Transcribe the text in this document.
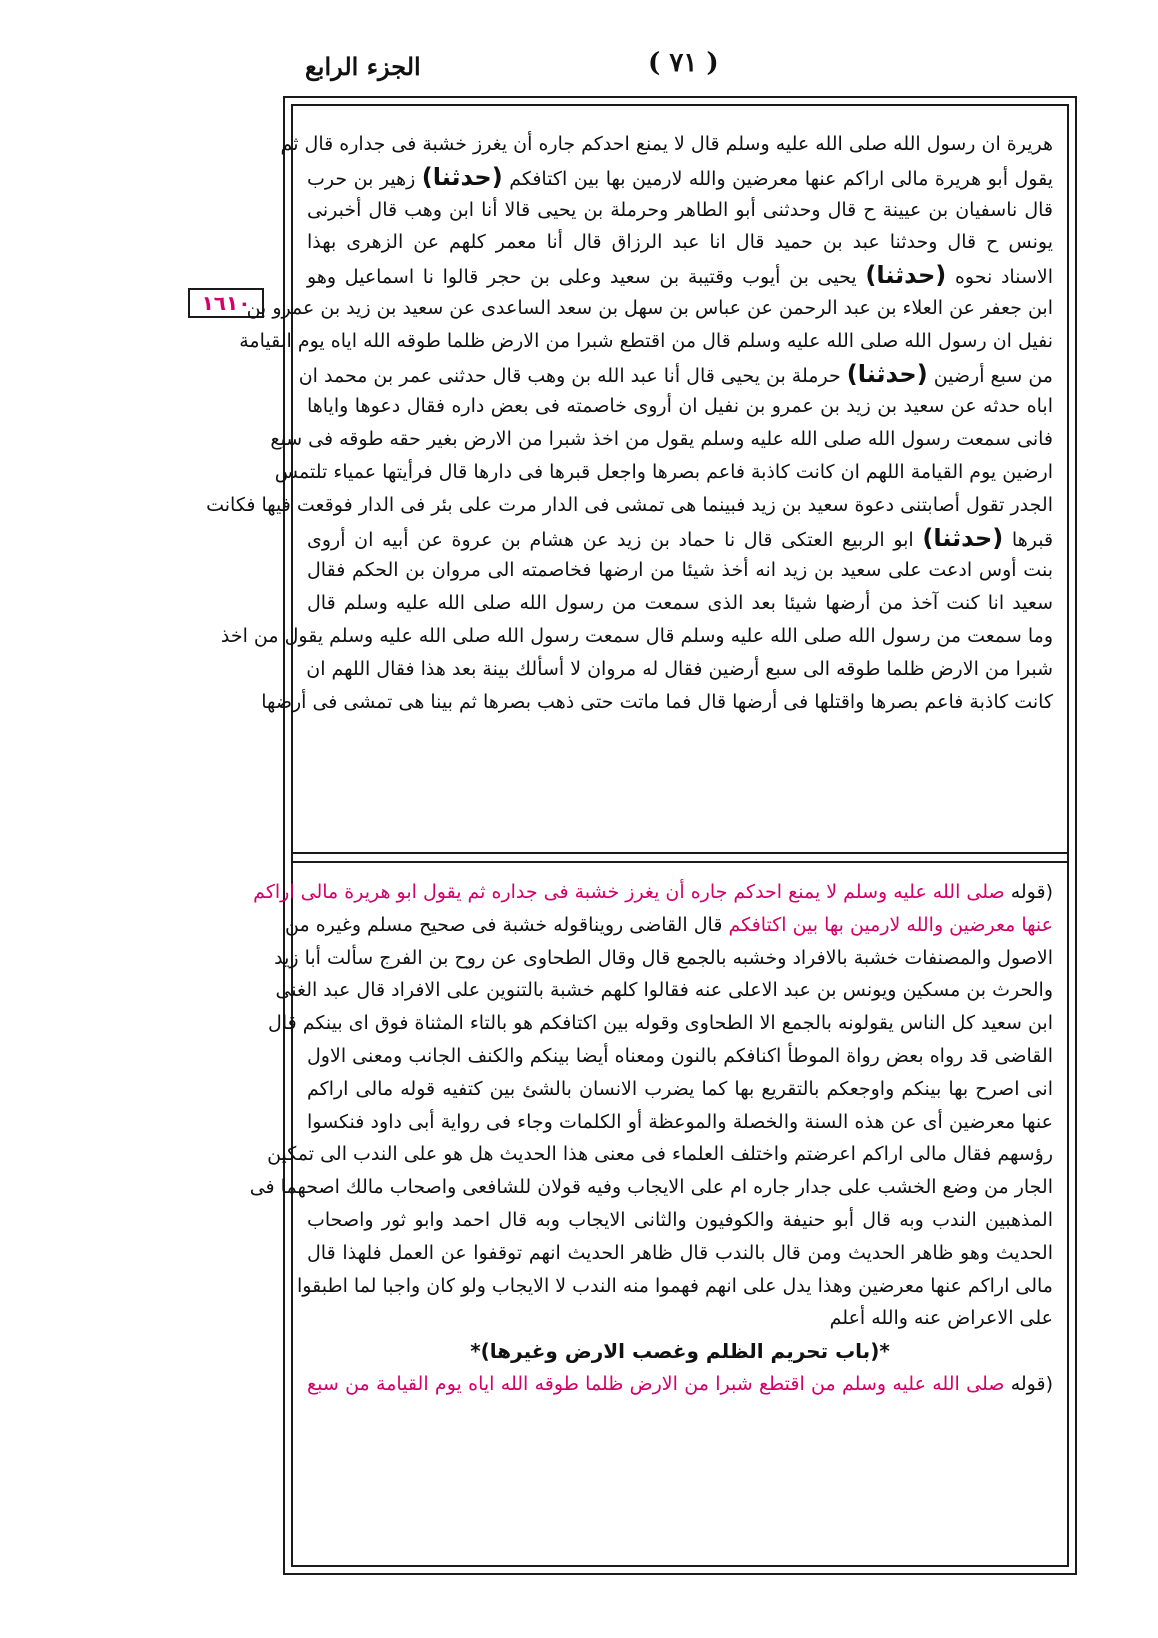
الجزء الرابع	( ٧١ )
١٦١٠
هريرة ان رسول الله صلى الله عليه وسلم قال لا يمنع احدكم جاره أن يغرز خشبة فى جداره قال ثم
يقول أبو هريرة مالى اراكم عنها معرضين والله لارمين بها بين اكتافكم (حدثنا) زهير بن حرب
قال ناسفيان بن عيينة ح قال وحدثنى أبو الطاهر وحرملة بن يحيى قالا أنا ابن وهب قال أخبرنى
يونس ح قال وحدثنا عبد بن حميد قال انا عبد الرزاق قال أنا معمر كلهم عن الزهرى بهذا
الاسناد نحوه (حدثنا) يحيى بن أيوب وقتيبة بن سعيد وعلى بن حجر قالوا نا اسماعيل وهو
ابن جعفر عن العلاء بن عبد الرحمن عن عباس بن سهل بن سعد الساعدى عن سعيد بن زيد بن عمرو بن
نفيل ان رسول الله صلى الله عليه وسلم قال من اقتطع شبرا من الارض ظلما طوقه الله اياه يوم القيامة
من سبع أرضين (حدثنا) حرملة بن يحيى قال أنا عبد الله بن وهب قال حدثنى عمر بن محمد ان
اباه حدثه عن سعيد بن زيد بن عمرو بن نفيل ان أروى خاصمته فى بعض داره فقال دعوها واياها
فانى سمعت رسول الله صلى الله عليه وسلم يقول من اخذ شبرا من الارض بغير حقه طوقه فى سبع
ارضين يوم القيامة اللهم ان كانت كاذبة فاعم بصرها واجعل قبرها فى دارها قال فرأيتها عمياء تلتمس
الجدر تقول أصابتنى دعوة سعيد بن زيد فبينما هى تمشى فى الدار مرت على بئر فى الدار فوقعت فيها فكانت
قبرها (حدثنا) ابو الربيع العتكى قال نا حماد بن زيد عن هشام بن عروة عن أبيه ان أروى
بنت أوس ادعت على سعيد بن زيد انه أخذ شيئا من ارضها فخاصمته الى مروان بن الحكم فقال
سعيد انا كنت آخذ من أرضها شيئا بعد الذى سمعت من رسول الله صلى الله عليه وسلم قال
وما سمعت من رسول الله صلى الله عليه وسلم قال سمعت رسول الله صلى الله عليه وسلم يقول من اخذ
شبرا من الارض ظلما طوقه الى سبع أرضين فقال له مروان لا أسألك بينة بعد هذا فقال اللهم ان
كانت كاذبة فاعم بصرها واقتلها فى أرضها قال فما ماتت حتى ذهب بصرها ثم بينا هى تمشى فى أرضها
(قوله صلى الله عليه وسلم لا يمنع احدكم جاره أن يغرز خشبة فى جداره ثم يقول ابو هريرة مالى اراكم
عنها معرضين والله لارمين بها بين اكتافكم قال القاضى رويناقوله خشبة فى صحيح مسلم وغيره من
الاصول والمصنفات خشبة بالافراد وخشبه بالجمع قال وقال الطحاوى عن روح بن الفرج سألت أبا زيد
والحرث بن مسكين ويونس بن عبد الاعلى عنه فقالوا كلهم خشبة بالتنوين على الافراد قال عبد الغنى
ابن سعيد كل الناس يقولونه بالجمع الا الطحاوى وقوله بين اكتافكم هو بالتاء المثناة فوق اى بينكم قال
القاضى قد رواه بعض رواة الموطأ اكنافكم بالنون ومعناه أيضا بينكم والكنف الجانب ومعنى الاول
انى اصرح بها بينكم واوجعكم بالتقريع بها كما يضرب الانسان بالشئ بين كتفيه قوله مالى اراكم
عنها معرضين أى عن هذه السنة والخصلة والموعظة أو الكلمات وجاء فى رواية أبى داود فنكسوا
رؤسهم فقال مالى اراكم اعرضتم واختلف العلماء فى معنى هذا الحديث هل هو على الندب الى تمكين
الجار من وضع الخشب على جدار جاره ام على الايجاب وفيه قولان للشافعى واصحاب مالك اصحهما فى
المذهبين الندب وبه قال أبو حنيفة والكوفيون والثانى الايجاب وبه قال احمد وابو ثور واصحاب
الحديث وهو ظاهر الحديث ومن قال بالندب قال ظاهر الحديث انهم توقفوا عن العمل فلهذا قال
مالى اراكم عنها معرضين وهذا يدل على انهم فهموا منه الندب لا الايجاب ولو كان واجبا لما اطبقوا
على الاعراض عنه والله أعلم
*(باب تحريم الظلم وغصب الارض وغيرها)*
(قوله صلى الله عليه وسلم من اقتطع شبرا من الارض ظلما طوقه الله اياه يوم القيامة من سبع
